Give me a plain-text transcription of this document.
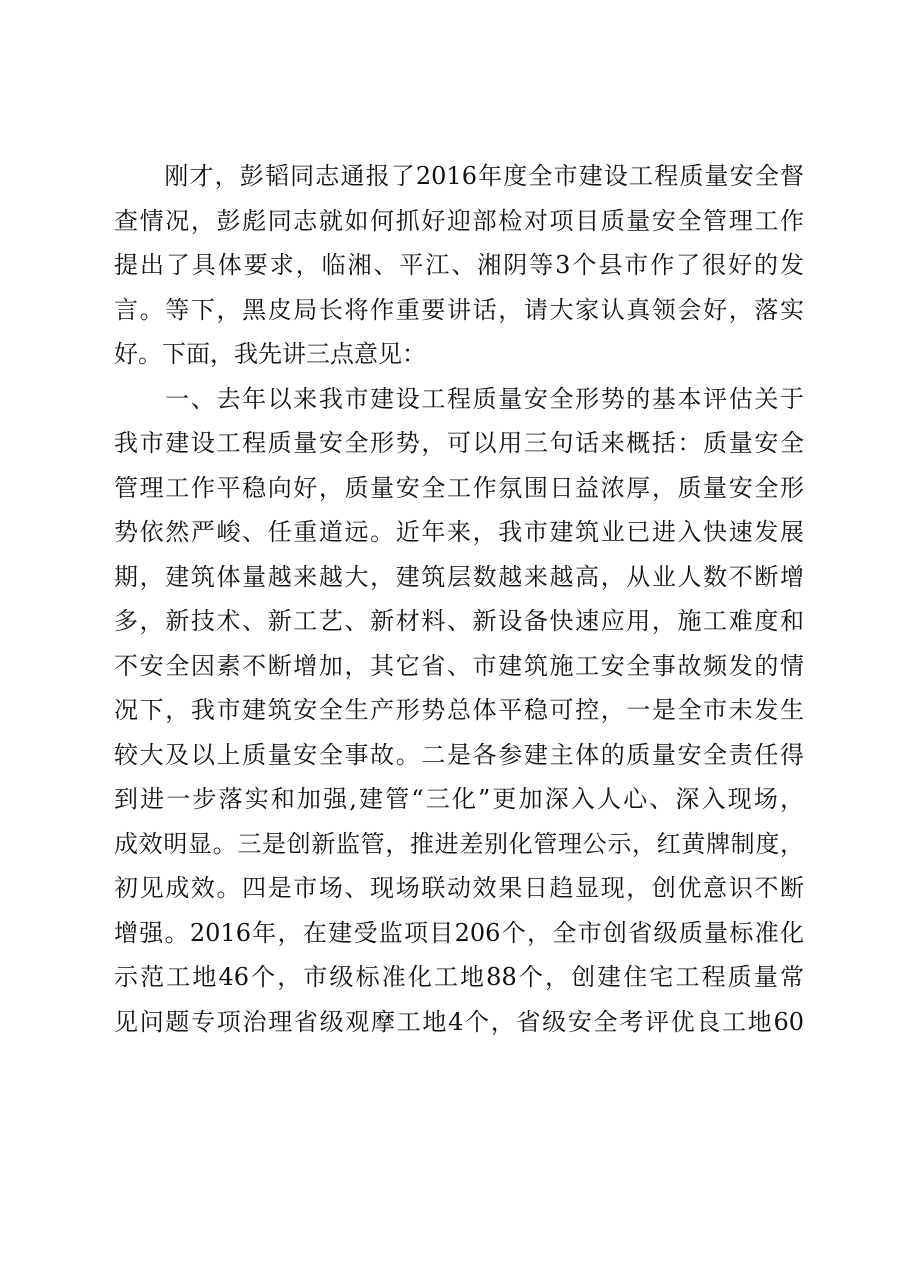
　　刚才，彭韬同志通报了2016年度全市建设工程质量安全督
查情况，彭彪同志就如何抓好迎部检对项目质量安全管理工作
提出了具体要求，临湘、平江、湘阴等3个县市作了很好的发
言。等下，黑皮局长将作重要讲话，请大家认真领会好，落实
好。下面，我先讲三点意见：
　　一、去年以来我市建设工程质量安全形势的基本评估关于
我市建设工程质量安全形势，可以用三句话来概括：质量安全
管理工作平稳向好，质量安全工作氛围日益浓厚，质量安全形
势依然严峻、任重道远。近年来，我市建筑业已进入快速发展
期，建筑体量越来越大，建筑层数越来越高，从业人数不断增
多，新技术、新工艺、新材料、新设备快速应用，施工难度和
不安全因素不断增加，其它省、市建筑施工安全事故频发的情
况下，我市建筑安全生产形势总体平稳可控，一是全市未发生
较大及以上质量安全事故。二是各参建主体的质量安全责任得
到进一步落实和加强,建管“三化”更加深入人心、深入现场，
成效明显。三是创新监管，推进差别化管理公示，红黄牌制度，
初见成效。四是市场、现场联动效果日趋显现，创优意识不断
增强。2016年，在建受监项目206个，全市创省级质量标准化
示范工地46个，市级标准化工地88个，创建住宅工程质量常
见问题专项治理省级观摩工地4个，省级安全考评优良工地60
